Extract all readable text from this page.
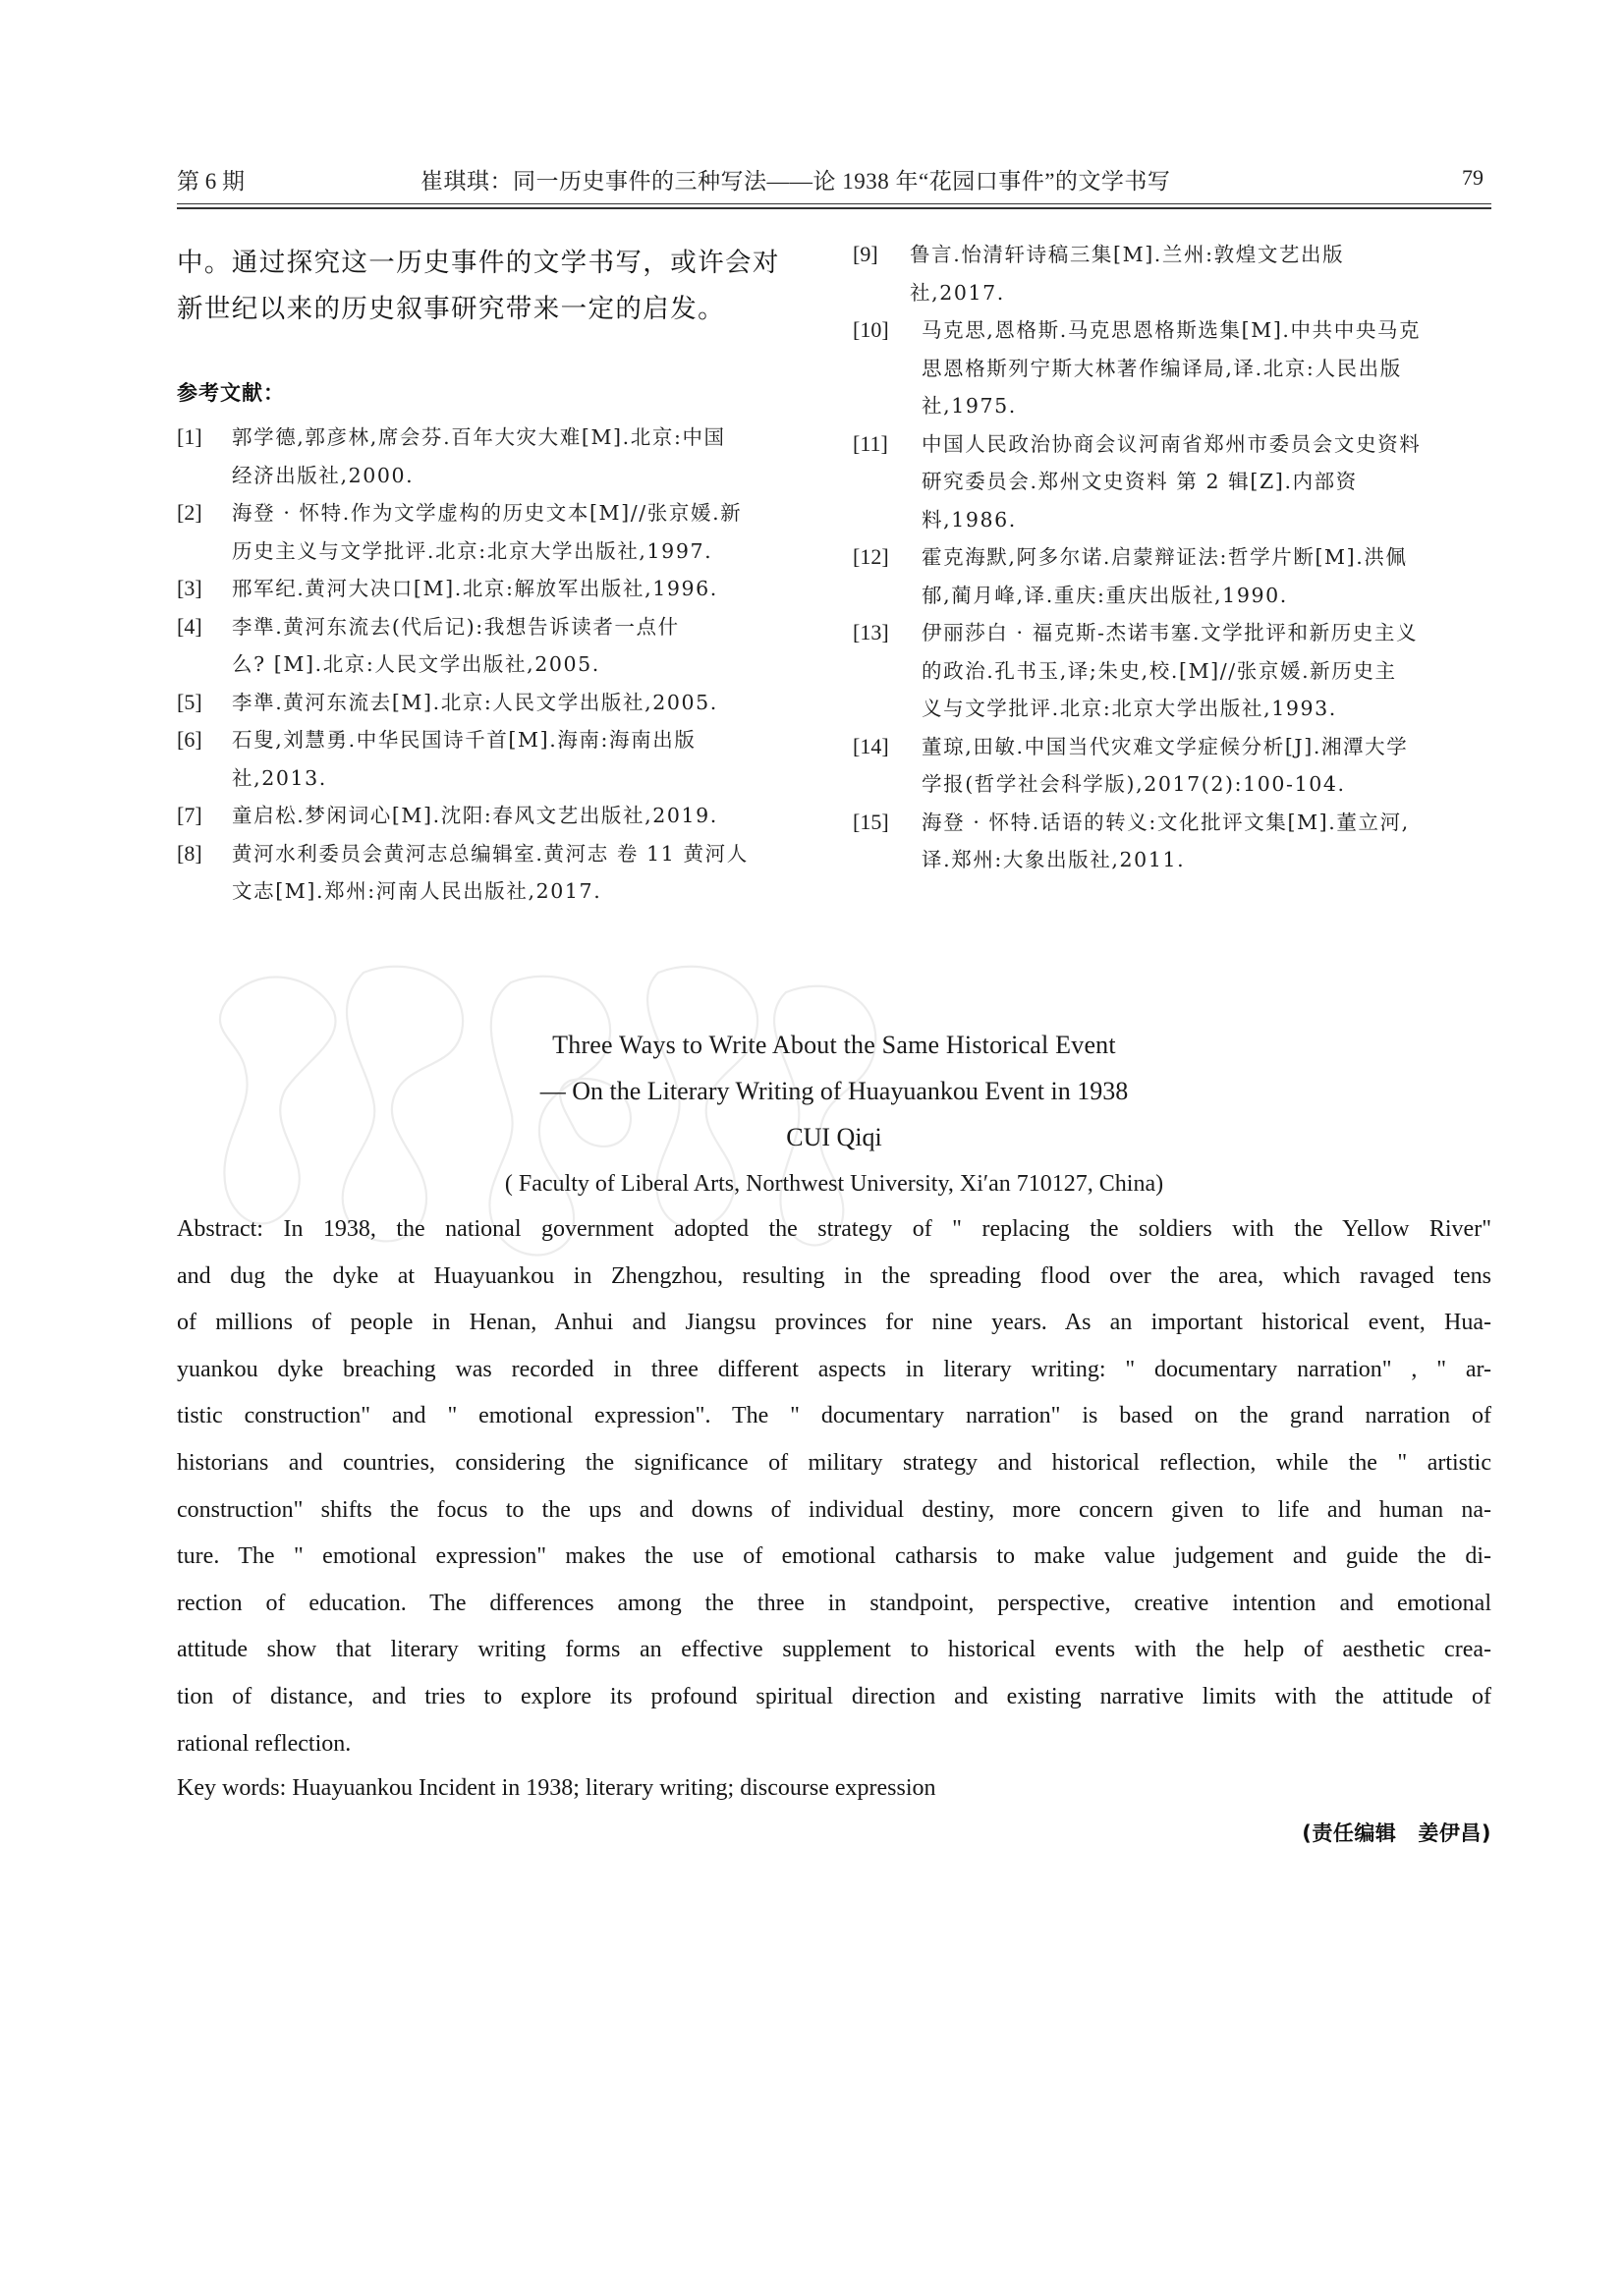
第 6 期	崔琪琪：同一历史事件的三种写法——论 1938 年“花园口事件”的文学书写	79

中。通过探究这一历史事件的文学书写，或许会对
新世纪以来的历史叙事研究带来一定的启发。

参考文献：
[1] 郭学德,郭彦林,席会芬.百年大灾大难[M].北京:中国
经济出版社,2000.
[2] 海登 · 怀特.作为文学虚构的历史文本[M]//张京媛.新
历史主义与文学批评.北京:北京大学出版社,1997.
[3] 邢军纪.黄河大决口[M].北京:解放军出版社,1996.
[4] 李準.黄河东流去(代后记):我想告诉读者一点什
么? [M].北京:人民文学出版社,2005.
[5] 李準.黄河东流去[M].北京:人民文学出版社,2005.
[6] 石叟,刘慧勇.中华民国诗千首[M].海南:海南出版
社,2013.
[7] 童启松.梦闲词心[M].沈阳:春风文艺出版社,2019.
[8] 黄河水利委员会黄河志总编辑室.黄河志 卷 11 黄河人
文志[M].郑州:河南人民出版社,2017.
[9] 鲁言.怡清轩诗稿三集[M].兰州:敦煌文艺出版
社,2017.
[10] 马克思,恩格斯.马克思恩格斯选集[M].中共中央马克
思恩格斯列宁斯大林著作编译局,译.北京:人民出版
社,1975.
[11] 中国人民政治协商会议河南省郑州市委员会文史资料
研究委员会.郑州文史资料 第 2 辑[Z].内部资
料,1986.
[12] 霍克海默,阿多尔诺.启蒙辩证法:哲学片断[M].洪佩
郁,蔺月峰,译.重庆:重庆出版社,1990.
[13] 伊丽莎白 · 福克斯-杰诺韦塞.文学批评和新历史主义
的政治.孔书玉,译;朱史,校.[M]//张京媛.新历史主
义与文学批评.北京:北京大学出版社,1993.
[14] 董琼,田敏.中国当代灾难文学症候分析[J].湘潭大学
学报(哲学社会科学版),2017(2):100-104.
[15] 海登 · 怀特.话语的转义:文化批评文集[M].董立河,
译.郑州:大象出版社,2011.

Three Ways to Write About the Same Historical Event

— On the Literary Writing of Huayuankou Event in 1938

CUI Qiqi

( Faculty of Liberal Arts, Northwest University, Xi′an 710127, China)

Abstract: In 1938, the national government adopted the strategy of " replacing the soldiers with the Yellow River"
and dug the dyke at Huayuankou in Zhengzhou, resulting in the spreading flood over the area, which ravaged tens
of millions of people in Henan, Anhui and Jiangsu provinces for nine years. As an important historical event, Hua-
yuankou dyke breaching was recorded in three different aspects in literary writing: " documentary narration" , " ar-
tistic construction" and " emotional expression". The " documentary narration" is based on the grand narration of
historians and countries, considering the significance of military strategy and historical reflection, while the " artistic
construction" shifts the focus to the ups and downs of individual destiny, more concern given to life and human na-
ture. The " emotional expression" makes the use of emotional catharsis to make value judgement and guide the di-
rection of education. The differences among the three in standpoint, perspective, creative intention and emotional
attitude show that literary writing forms an effective supplement to historical events with the help of aesthetic crea-
tion of distance, and tries to explore its profound spiritual direction and existing narrative limits with the attitude of
rational reflection.
Key words: Huayuankou Incident in 1938; literary writing; discourse expression
(责任编辑 姜伊昌)
